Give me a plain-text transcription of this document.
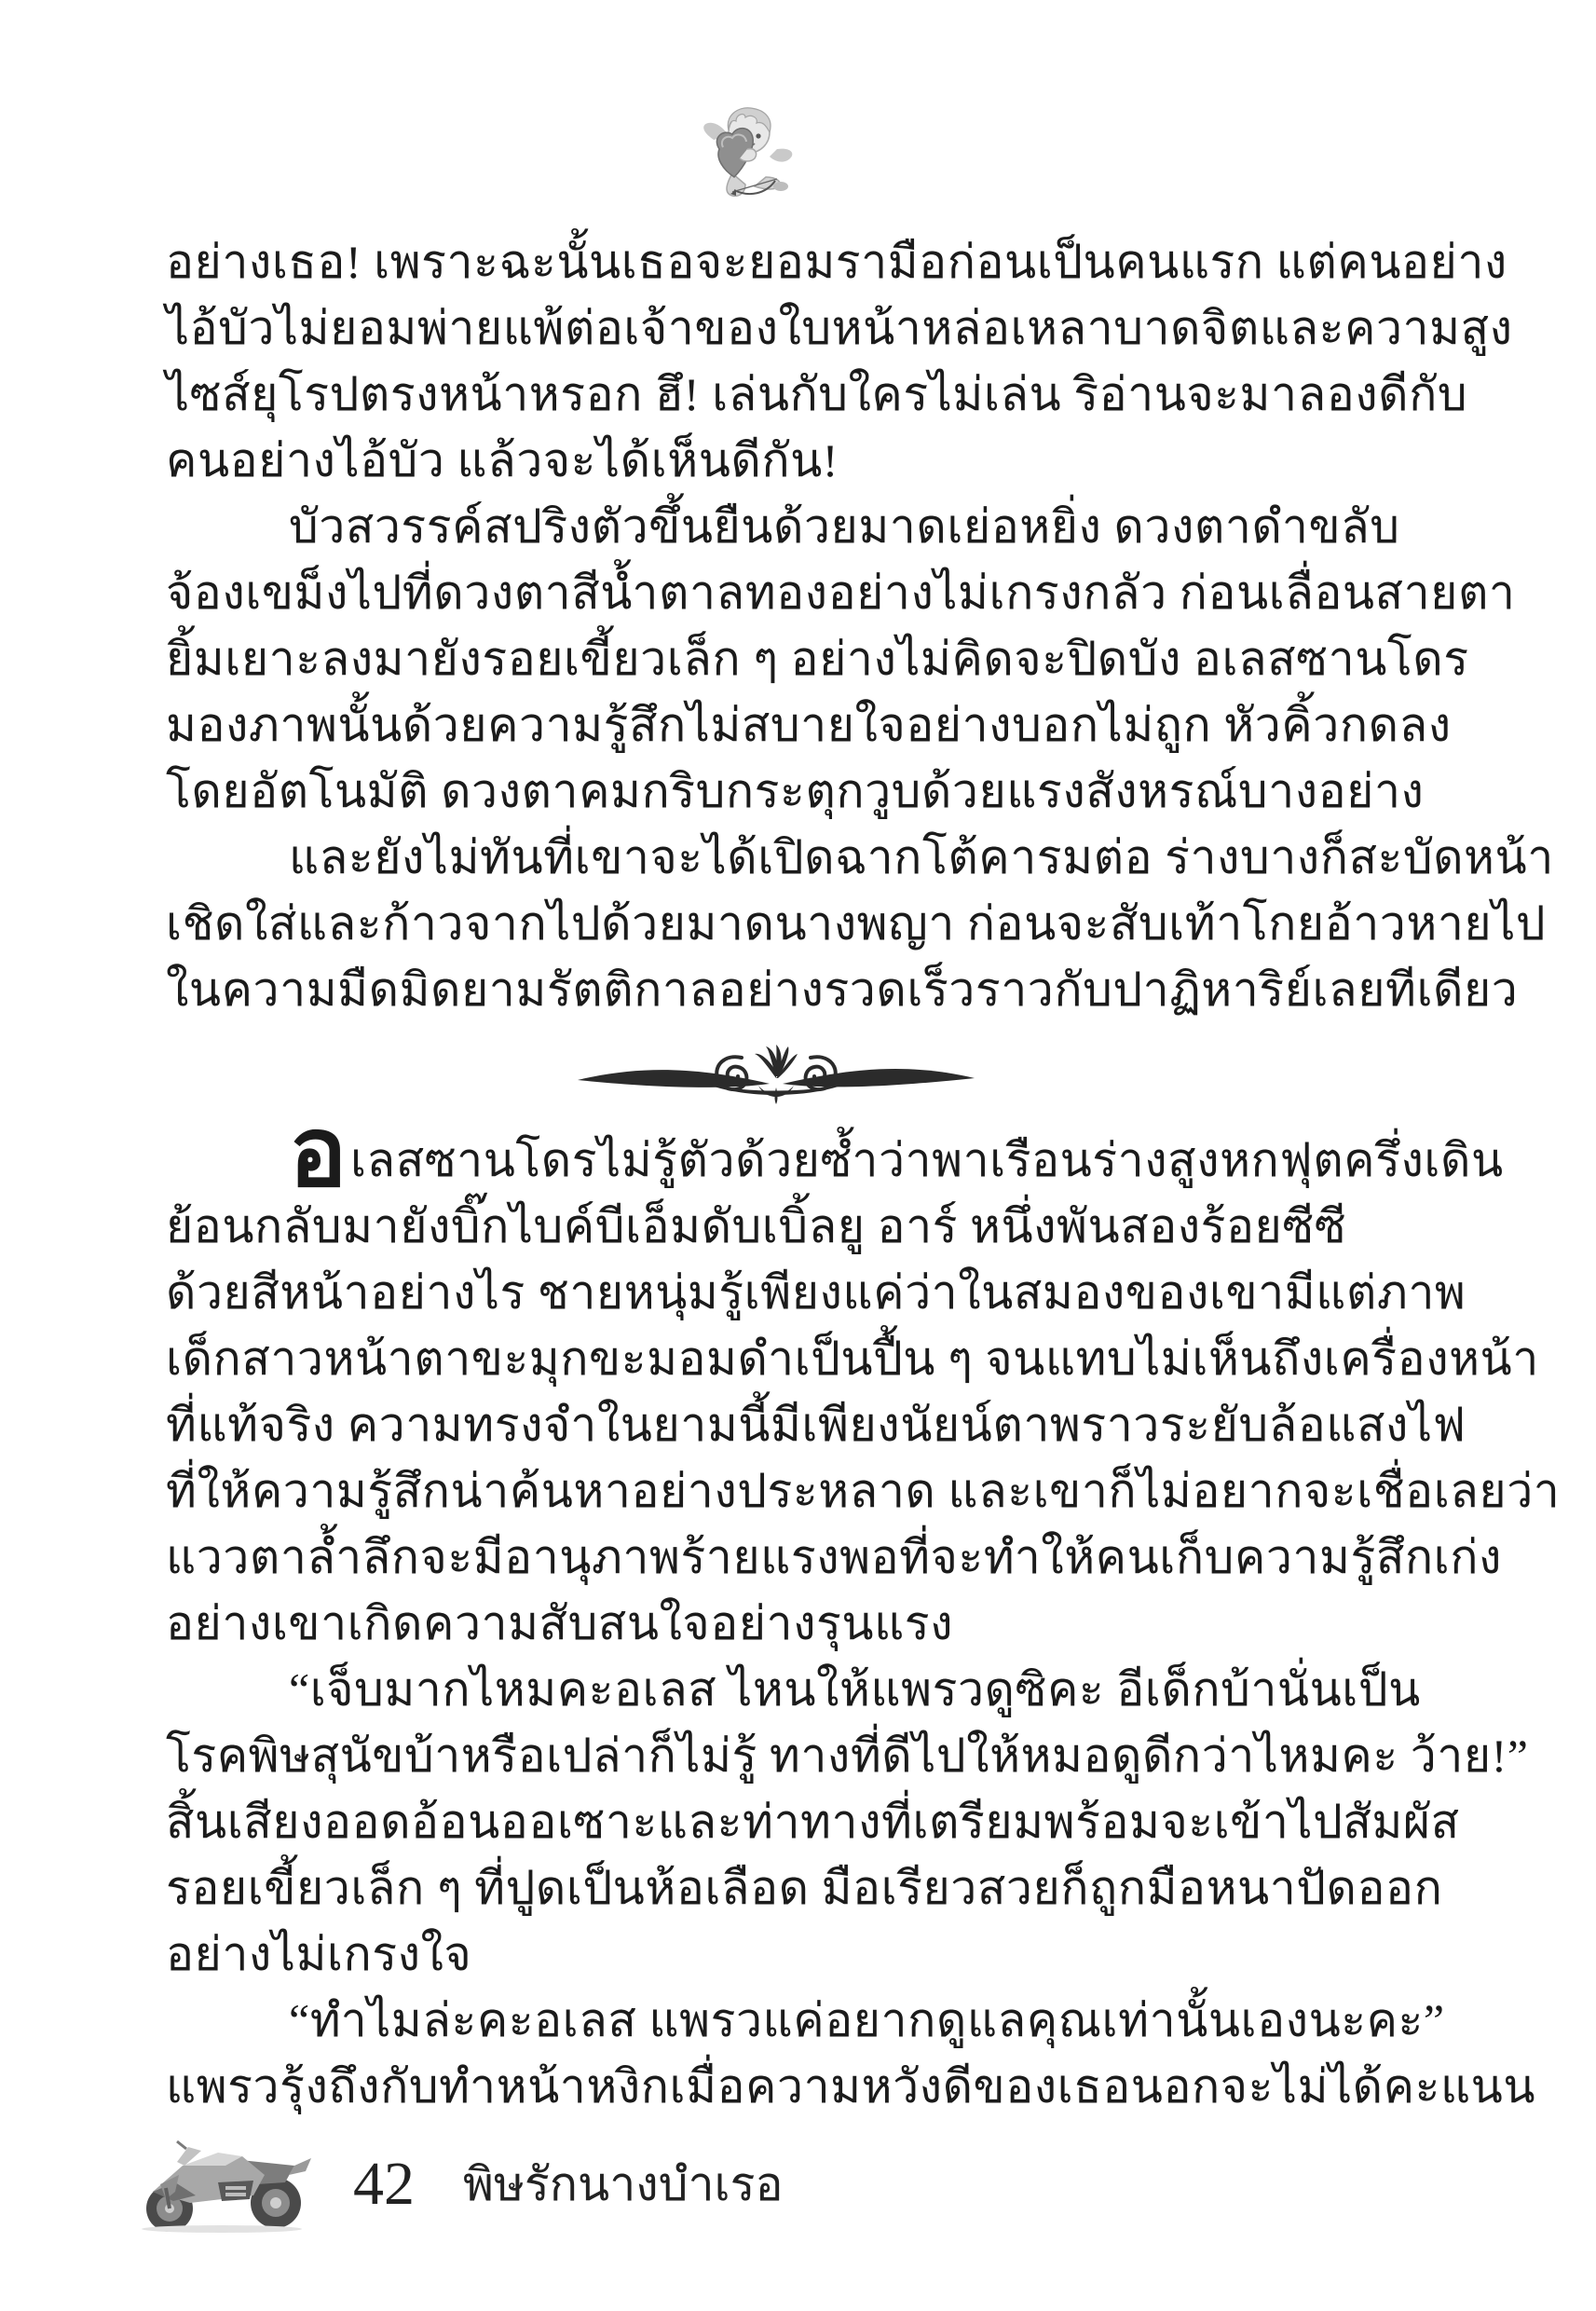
อย่างเธอ! เพราะฉะนั้นเธอจะยอมรามือก่อนเป็นคนแรก แต่คนอย่าง
ไอ้บัวไม่ยอมพ่ายแพ้ต่อเจ้าของใบหน้าหล่อเหลาบาดจิตและความสูง
ไซส์ยุโรปตรงหน้าหรอก ฮึ! เล่นกับใครไม่เล่น ริอ่านจะมาลองดีกับ
คนอย่างไอ้บัว แล้วจะได้เห็นดีกัน!
บัวสวรรค์สปริงตัวขึ้นยืนด้วยมาดเย่อหยิ่ง ดวงตาดำขลับ
จ้องเขม็งไปที่ดวงตาสีน้ำตาลทองอย่างไม่เกรงกลัว ก่อนเลื่อนสายตา
ยิ้มเยาะลงมายังรอยเขี้ยวเล็ก ๆ อย่างไม่คิดจะปิดบัง อเลสซานโดร
มองภาพนั้นด้วยความรู้สึกไม่สบายใจอย่างบอกไม่ถูก หัวคิ้วกดลง
โดยอัตโนมัติ ดวงตาคมกริบกระตุกวูบด้วยแรงสังหรณ์บางอย่าง
และยังไม่ทันที่เขาจะได้เปิดฉากโต้คารมต่อ ร่างบางก็สะบัดหน้า
เชิดใส่และก้าวจากไปด้วยมาดนางพญา ก่อนจะสับเท้าโกยอ้าวหายไป
ในความมืดมิดยามรัตติกาลอย่างรวดเร็วราวกับปาฏิหาริย์เลยทีเดียว
อเลสซานโดรไม่รู้ตัวด้วยซ้ำว่าพาเรือนร่างสูงหกฟุตครึ่งเดิน
ย้อนกลับมายังบิ๊กไบค์บีเอ็มดับเบิ้ลยู อาร์ หนึ่งพันสองร้อยซีซี
ด้วยสีหน้าอย่างไร ชายหนุ่มรู้เพียงแค่ว่าในสมองของเขามีแต่ภาพ
เด็กสาวหน้าตาขะมุกขะมอมดำเป็นปื้น ๆ จนแทบไม่เห็นถึงเครื่องหน้า
ที่แท้จริง ความทรงจำในยามนี้มีเพียงนัยน์ตาพราวระยับล้อแสงไฟ
ที่ให้ความรู้สึกน่าค้นหาอย่างประหลาด และเขาก็ไม่อยากจะเชื่อเลยว่า
แววตาล้ำลึกจะมีอานุภาพร้ายแรงพอที่จะทำให้คนเก็บความรู้สึกเก่ง
อย่างเขาเกิดความสับสนใจอย่างรุนแรง
“เจ็บมากไหมคะอเลส ไหนให้แพรวดูซิคะ อีเด็กบ้านั่นเป็น
โรคพิษสุนัขบ้าหรือเปล่าก็ไม่รู้ ทางที่ดีไปให้หมอดูดีกว่าไหมคะ ว้าย!”
สิ้นเสียงออดอ้อนออเซาะและท่าทางที่เตรียมพร้อมจะเข้าไปสัมผัส
รอยเขี้ยวเล็ก ๆ ที่ปูดเป็นห้อเลือด มือเรียวสวยก็ถูกมือหนาปัดออก
อย่างไม่เกรงใจ
“ทำไมล่ะคะอเลส แพรวแค่อยากดูแลคุณเท่านั้นเองนะคะ”
แพรวรุ้งถึงกับทำหน้าหงิกเมื่อความหวังดีของเธอนอกจะไม่ได้คะแนน
42 พิษรักนางบำเรอ
